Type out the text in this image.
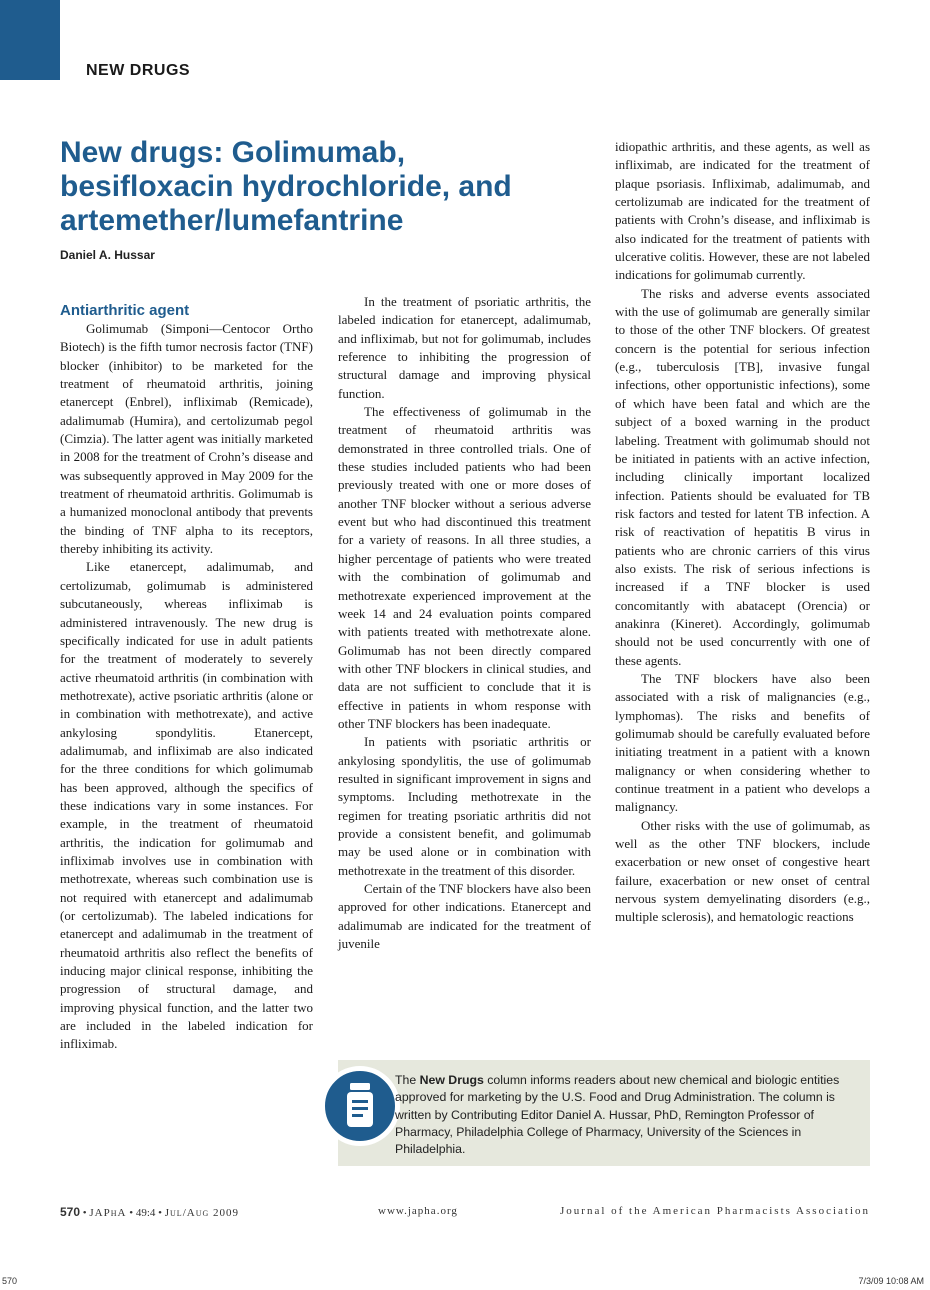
NEW DRUGS
New drugs: Golimumab, besifloxacin hydrochloride, and artemether/lumefantrine

Daniel A. Hussar

Antiarthritic agent

Golimumab (Simponi—Centocor Ortho Biotech) is the fifth tumor necrosis factor (TNF) blocker (inhibitor) to be marketed for the treatment of rheumatoid arthritis, joining etanercept (Enbrel), infliximab (Remicade), adalimumab (Humira), and certolizumab pegol (Cimzia). The latter agent was initially marketed in 2008 for the treatment of Crohn’s disease and was subsequently approved in May 2009 for the treatment of rheumatoid arthritis. Golimumab is a humanized monoclonal antibody that prevents the binding of TNF alpha to its receptors, thereby inhibiting its activity.

Like etanercept, adalimumab, and certolizumab, golimumab is administered subcutaneously, whereas infliximab is administered intravenously. The new drug is specifically indicated for use in adult patients for the treatment of moderately to severely active rheumatoid arthritis (in combination with methotrexate), active psoriatic arthritis (alone or in combination with methotrexate), and active ankylosing spondylitis. Etanercept, adalimumab, and infliximab are also indicated for the three conditions for which golimumab has been approved, although the specifics of these indications vary in some instances. For example, in the treatment of rheumatoid arthritis, the indication for golimumab and infliximab involves use in combination with methotrexate, whereas such combination use is not required with etanercept and adalimumab (or certolizumab). The labeled indications for etanercept and adalimumab in the treatment of rheumatoid arthritis also reflect the benefits of inducing major clinical response, inhibiting the progression of structural damage, and improving physical function, and the latter two are included in the labeled indication for infliximab.

In the treatment of psoriatic arthritis, the labeled indication for etanercept, adalimumab, and infliximab, but not for golimumab, includes reference to inhibiting the progression of structural damage and improving physical function.

The effectiveness of golimumab in the treatment of rheumatoid arthritis was demonstrated in three controlled trials. One of these studies included patients who had been previously treated with one or more doses of another TNF blocker without a serious adverse event but who had discontinued this treatment for a variety of reasons. In all three studies, a higher percentage of patients who were treated with the combination of golimumab and methotrexate experienced improvement at the week 14 and 24 evaluation points compared with patients treated with methotrexate alone. Golimumab has not been directly compared with other TNF blockers in clinical studies, and data are not sufficient to conclude that it is effective in patients in whom response with other TNF blockers has been inadequate.

In patients with psoriatic arthritis or ankylosing spondylitis, the use of golimumab resulted in significant improvement in signs and symptoms. Including methotrexate in the regimen for treating psoriatic arthritis did not provide a consistent benefit, and golimumab may be used alone or in combination with methotrexate in the treatment of this disorder.

Certain of the TNF blockers have also been approved for other indications. Etanercept and adalimumab are indicated for the treatment of juvenile

idiopathic arthritis, and these agents, as well as infliximab, are indicated for the treatment of plaque psoriasis. Infliximab, adalimumab, and certolizumab are indicated for the treatment of patients with Crohn’s disease, and infliximab is also indicated for the treatment of patients with ulcerative colitis. However, these are not labeled indications for golimumab currently.

The risks and adverse events associated with the use of golimumab are generally similar to those of the other TNF blockers. Of greatest concern is the potential for serious infection (e.g., tuberculosis [TB], invasive fungal infections, other opportunistic infections), some of which have been fatal and which are the subject of a boxed warning in the product labeling. Treatment with golimumab should not be initiated in patients with an active infection, including clinically important localized infection. Patients should be evaluated for TB risk factors and tested for latent TB infection. A risk of reactivation of hepatitis B virus in patients who are chronic carriers of this virus also exists. The risk of serious infections is increased if a TNF blocker is used concomitantly with abatacept (Orencia) or anakinra (Kineret). Accordingly, golimumab should not be used concurrently with one of these agents.

The TNF blockers have also been associated with a risk of malignancies (e.g., lymphomas). The risks and benefits of golimumab should be carefully evaluated before initiating treatment in a patient with a known malignancy or when considering whether to continue treatment in a patient who develops a malignancy.

Other risks with the use of golimumab, as well as the other TNF blockers, include exacerbation or new onset of congestive heart failure, exacerbation or new onset of central nervous system demyelinating disorders (e.g., multiple sclerosis), and hematologic reactions

The New Drugs column informs readers about new chemical and biologic entities approved for marketing by the U.S. Food and Drug Administration. The column is written by Contributing Editor Daniel A. Hussar, PhD, Remington Professor of Pharmacy, Philadelphia College of Pharmacy, University of the Sciences in Philadelphia.

570 • JAPhA • 49:4 • Jul/Aug 2009	www.japha.org	Journal of the American Pharmacists Association
570	7/3/09 10:08 AM
